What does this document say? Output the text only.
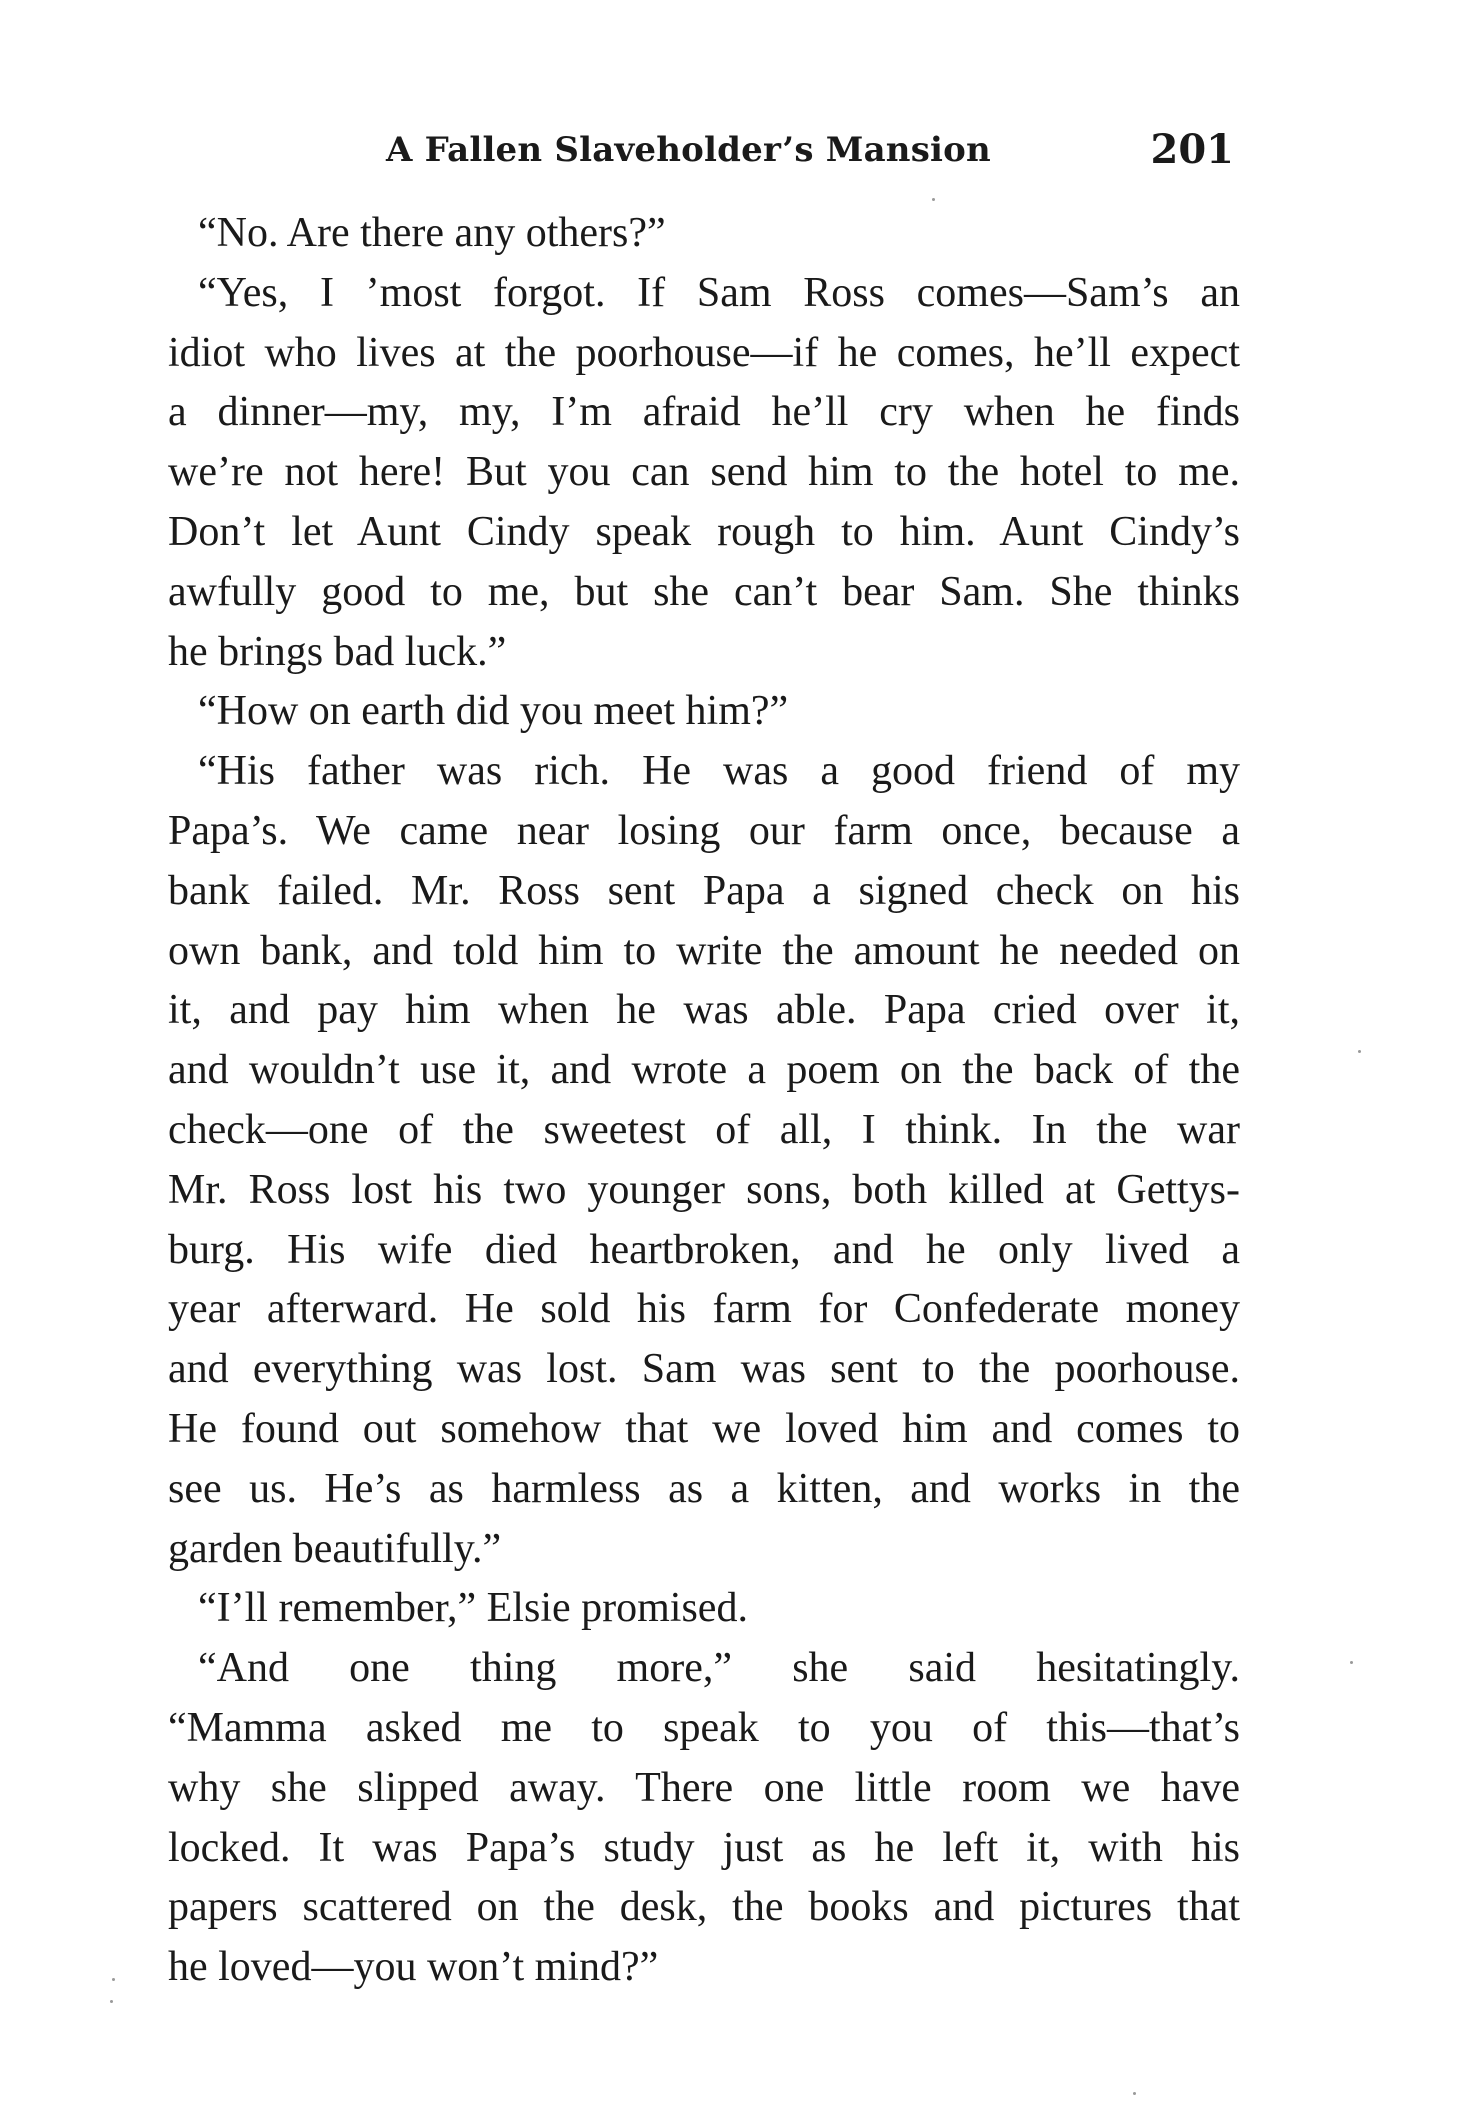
A Fallen Slaveholder’s Mansion	201
“No. Are there any others?”
“Yes, I ’most forgot. If Sam Ross comes—Sam’s an
idiot who lives at the poorhouse—if he comes, he’ll expect
a dinner—my, my, I’m afraid he’ll cry when he finds
we’re not here! But you can send him to the hotel to me.
Don’t let Aunt Cindy speak rough to him. Aunt Cindy’s
awfully good to me, but she can’t bear Sam. She thinks
he brings bad luck.”
“How on earth did you meet him?”
“His father was rich. He was a good friend of my
Papa’s. We came near losing our farm once, because a
bank failed. Mr. Ross sent Papa a signed check on his
own bank, and told him to write the amount he needed on
it, and pay him when he was able. Papa cried over it,
and wouldn’t use it, and wrote a poem on the back of the
check—one of the sweetest of all, I think. In the war
Mr. Ross lost his two younger sons, both killed at Gettys-
burg. His wife died heartbroken, and he only lived a
year afterward. He sold his farm for Confederate money
and everything was lost. Sam was sent to the poorhouse.
He found out somehow that we loved him and comes to
see us. He’s as harmless as a kitten, and works in the
garden beautifully.”
“I’ll remember,” Elsie promised.
“And one thing more,” she said hesitatingly.
“Mamma asked me to speak to you of this—that’s
why she slipped away. There one little room we have
locked. It was Papa’s study just as he left it, with his
papers scattered on the desk, the books and pictures that
he loved—you won’t mind?”
